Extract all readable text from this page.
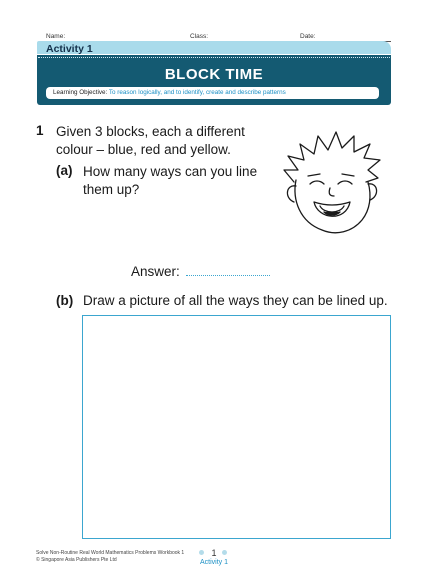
Name:	Class:	Date:
Activity 1
BLOCK TIME
Learning Objective: To reason logically, and to identify, create and describe patterns
1 Given 3 blocks, each a different
colour – blue, red and yellow.
(a) How many ways can you line
them up?
Answer:
(b) Draw a picture of all the ways they can be lined up.
Solve Non-Routine Real World Mathematics Problems Workbook 1
© Singapore Asia Publishers Pte Ltd
1
Activity 1
